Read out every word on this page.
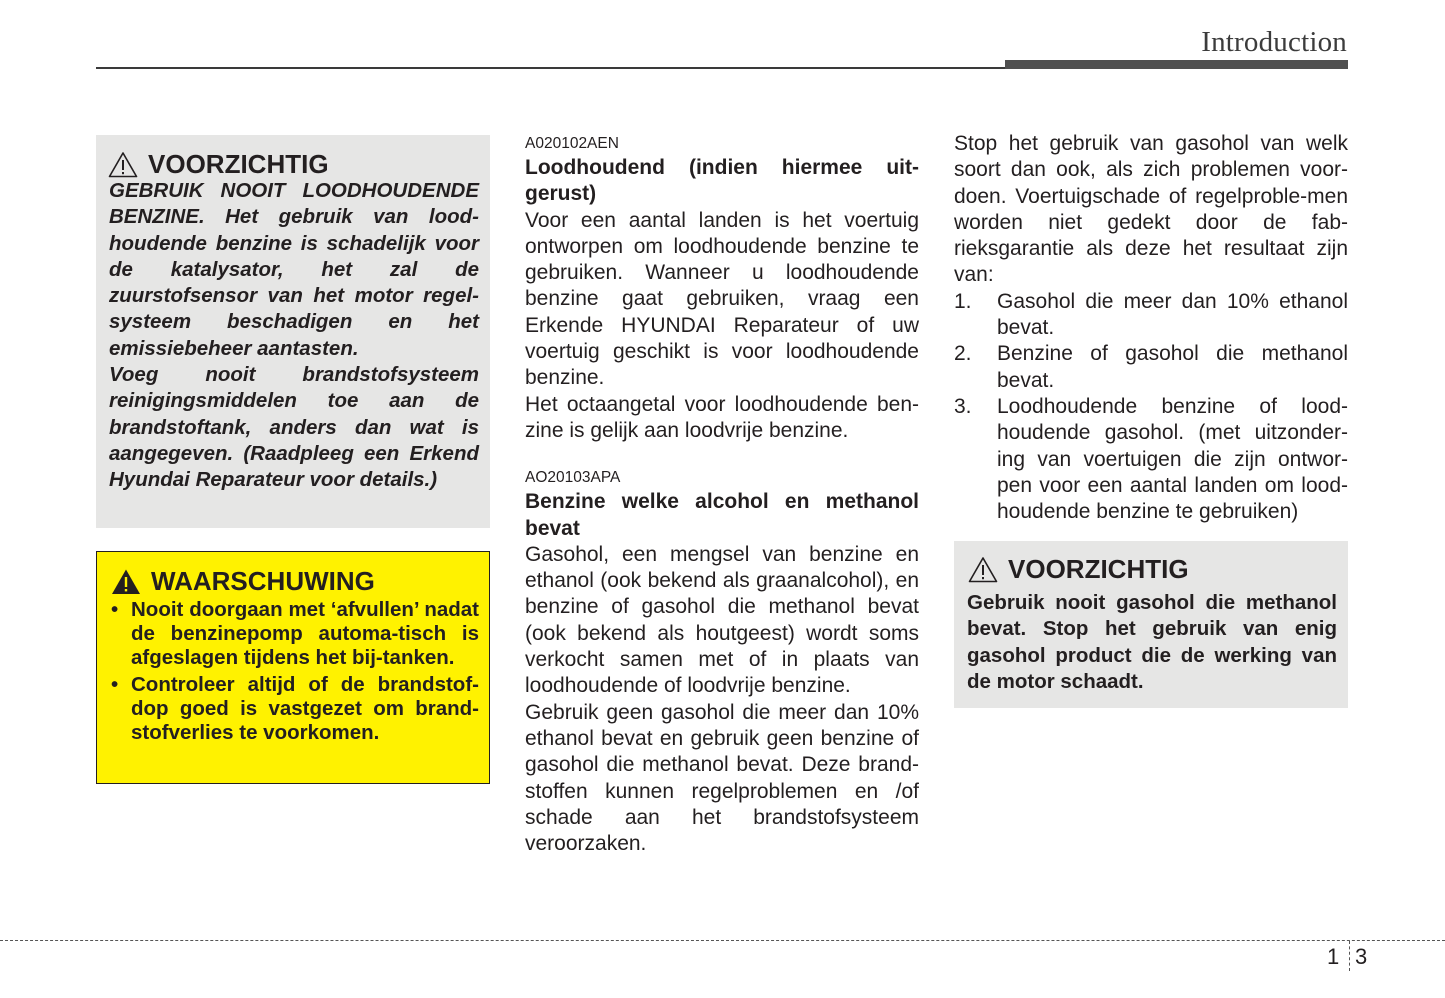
Introduction
VOORZICHTIG

GEBRUIK NOOIT LOODHOUDENDE BENZINE. Het gebruik van lood-houdende benzine is schadelijk voor de katalysator, het zal de zuurstofsensor van het motor regel-systeem beschadigen en het emissiebeheer aantasten.

Voeg nooit brandstofsysteem reinigingsmiddelen toe aan de brandstoftank, anders dan wat is aangegeven. (Raadpleeg een Erkend Hyundai Reparateur voor details.)

WAARSCHUWING
• Nooit doorgaan met ‘afvullen’ nadat de benzinepomp automa-tisch is afgeslagen tijdens het bij-tanken.
• Controleer altijd of de brandstof-dop goed is vastgezet om brand-stofverlies te voorkomen.

A020102AEN

Loodhoudend (indien hiermee uit-gerust)

Voor een aantal landen is het voertuig ontworpen om loodhoudende benzine te gebruiken. Wanneer u loodhoudende benzine gaat gebruiken, vraag een Erkende HYUNDAI Reparateur of uw voertuig geschikt is voor loodhoudende benzine.

Het octaangetal voor loodhoudende ben-zine is gelijk aan loodvrije benzine.

AO20103APA

Benzine welke alcohol en methanol bevat

Gasohol, een mengsel van benzine en ethanol (ook bekend als graanalcohol), en benzine of gasohol die methanol bevat (ook bekend als houtgeest) wordt soms verkocht samen met of in plaats van loodhoudende of loodvrije benzine.

Gebruik geen gasohol die meer dan 10% ethanol bevat en gebruik geen benzine of gasohol die methanol bevat. Deze brand-stoffen kunnen regelproblemen en /of schade aan het brandstofsysteem veroorzaken.

Stop het gebruik van gasohol van welk soort dan ook, als zich problemen voor-doen. Voertuigschade of regelproble-men worden niet gedekt door de fab-rieksgarantie als deze het resultaat zijn van:

1. Gasohol die meer dan 10% ethanol bevat.
2. Benzine of gasohol die methanol bevat.
3. Loodhoudende benzine of lood-houdende gasohol. (met uitzonder-ing van voertuigen die zijn ontwor-pen voor een aantal landen om lood-houdende benzine te gebruiken)
VOORZICHTIG

Gebruik nooit gasohol die methanol bevat. Stop het gebruik van enig gasohol product die de werking van de motor schaadt.

1 3
